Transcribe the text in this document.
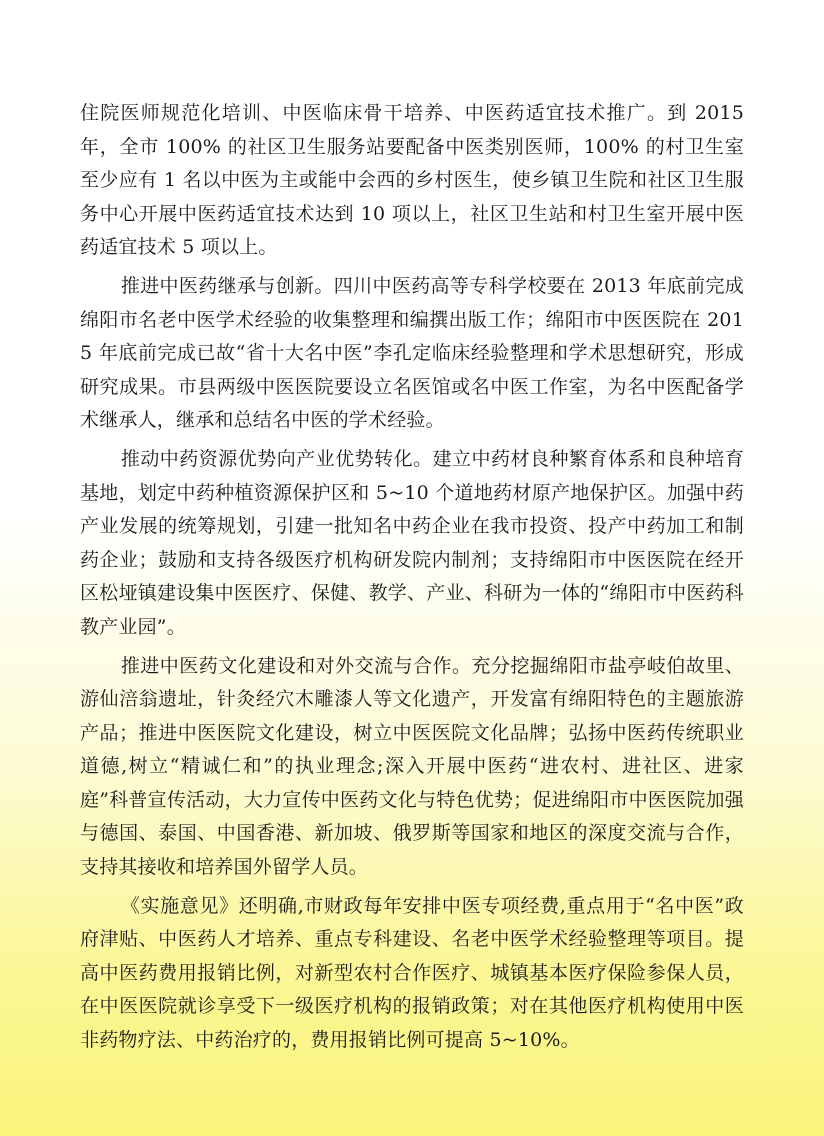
住院医师规范化培训、中医临床骨干培养、中医药适宜技术推广。到 2015 年，全市 100% 的社区卫生服务站要配备中医类别医师，100% 的村卫生室至少应有 1 名以中医为主或能中会西的乡村医生，使乡镇卫生院和社区卫生服务中心开展中医药适宜技术达到 10 项以上，社区卫生站和村卫生室开展中医药适宜技术 5 项以上。

推进中医药继承与创新。四川中医药高等专科学校要在 2013 年底前完成绵阳市名老中医学术经验的收集整理和编撰出版工作；绵阳市中医医院在 2015 年底前完成已故“省十大名中医”李孔定临床经验整理和学术思想研究，形成研究成果。市县两级中医医院要设立名医馆或名中医工作室，为名中医配备学术继承人，继承和总结名中医的学术经验。

推动中药资源优势向产业优势转化。建立中药材良种繁育体系和良种培育基地，划定中药种植资源保护区和 5~10 个道地药材原产地保护区。加强中药产业发展的统筹规划，引建一批知名中药企业在我市投资、投产中药加工和制药企业；鼓励和支持各级医疗机构研发院内制剂；支持绵阳市中医医院在经开区松垭镇建设集中医医疗、保健、教学、产业、科研为一体的“绵阳市中医药科教产业园”。

推进中医药文化建设和对外交流与合作。充分挖掘绵阳市盐亭岐伯故里、游仙涪翁遗址，针灸经穴木雕漆人等文化遗产，开发富有绵阳特色的主题旅游产品；推进中医医院文化建设，树立中医医院文化品牌；弘扬中医药传统职业道德,树立“精诚仁和”的执业理念;深入开展中医药“进农村、进社区、进家庭”科普宣传活动，大力宣传中医药文化与特色优势；促进绵阳市中医医院加强与德国、泰国、中国香港、新加坡、俄罗斯等国家和地区的深度交流与合作，支持其接收和培养国外留学人员。

《实施意见》还明确,市财政每年安排中医专项经费,重点用于“名中医”政府津贴、中医药人才培养、重点专科建设、名老中医学术经验整理等项目。提高中医药费用报销比例，对新型农村合作医疗、城镇基本医疗保险参保人员，在中医医院就诊享受下一级医疗机构的报销政策；对在其他医疗机构使用中医非药物疗法、中药治疗的，费用报销比例可提高 5~10%。
